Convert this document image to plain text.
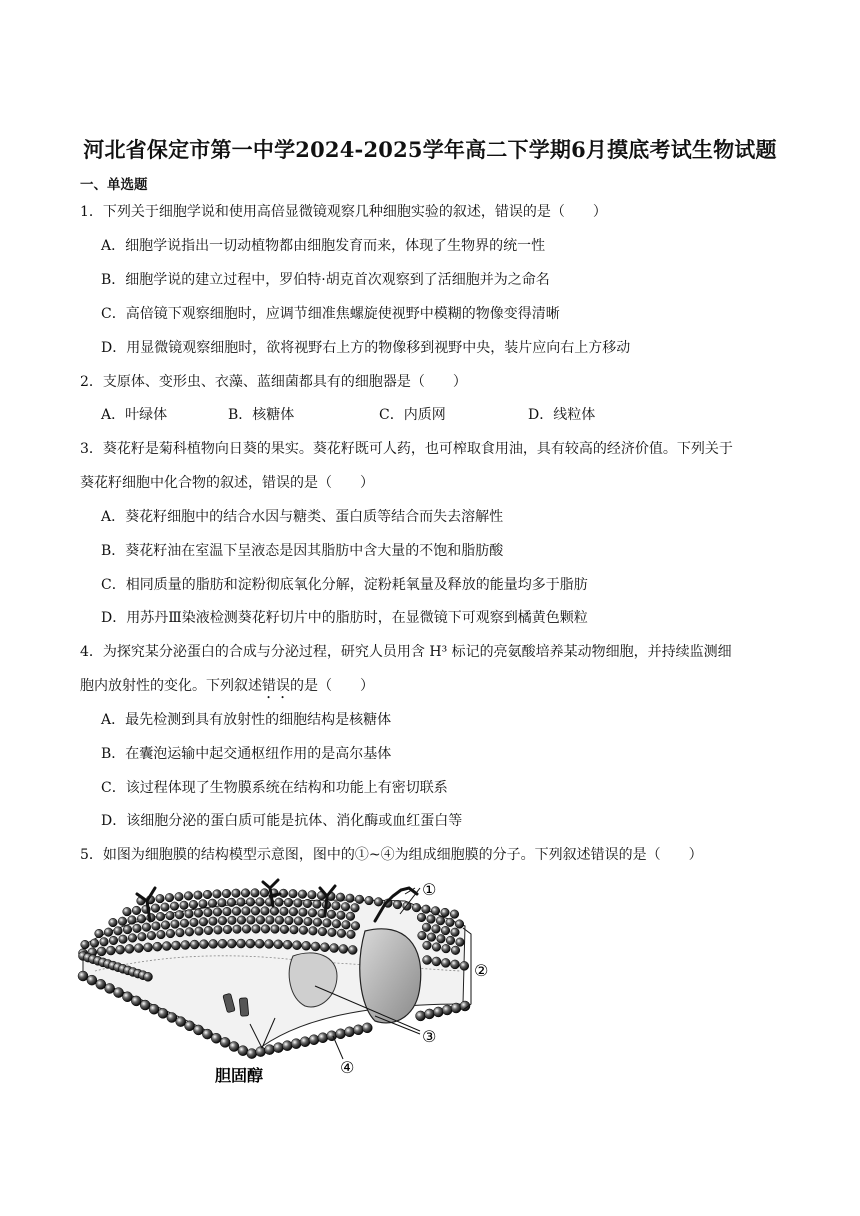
河北省保定市第一中学2024-2025学年高二下学期6月摸底考试生物试题
一、单选题
1．下列关于细胞学说和使用高倍显微镜观察几种细胞实验的叙述，错误的是（　　）
A．细胞学说指出一切动植物都由细胞发育而来，体现了生物界的统一性
B．细胞学说的建立过程中，罗伯特·胡克首次观察到了活细胞并为之命名
C．高倍镜下观察细胞时，应调节细准焦螺旋使视野中模糊的物像变得清晰
D．用显微镜观察细胞时，欲将视野右上方的物像移到视野中央，装片应向右上方移动
2．支原体、变形虫、衣藻、蓝细菌都具有的细胞器是（　　）
A．叶绿体	B．核糖体	C．内质网	D．线粒体
3．葵花籽是菊科植物向日葵的果实。葵花籽既可人药，也可榨取食用油，具有较高的经济价值。下列关于
葵花籽细胞中化合物的叙述，错误的是（　　）
A．葵花籽细胞中的结合水因与糖类、蛋白质等结合而失去溶解性
B．葵花籽油在室温下呈液态是因其脂肪中含大量的不饱和脂肪酸
C．相同质量的脂肪和淀粉彻底氧化分解，淀粉耗氧量及释放的能量均多于脂肪
D．用苏丹Ⅲ染液检测葵花籽切片中的脂肪时，在显微镜下可观察到橘黄色颗粒
4．为探究某分泌蛋白的合成与分泌过程，研究人员用含 H³ 标记的亮氨酸培养某动物细胞，并持续监测细
胞内放射性的变化。下列叙述错误的是（　　）
A．最先检测到具有放射性的细胞结构是核糖体
B．在囊泡运输中起交通枢纽作用的是高尔基体
C．该过程体现了生物膜系统在结构和功能上有密切联系
D．该细胞分泌的蛋白质可能是抗体、消化酶或血红蛋白等
5．如图为细胞膜的结构模型示意图，图中的①~④为组成细胞膜的分子。下列叙述错误的是（　　）
①
②
③
④
胆固醇
